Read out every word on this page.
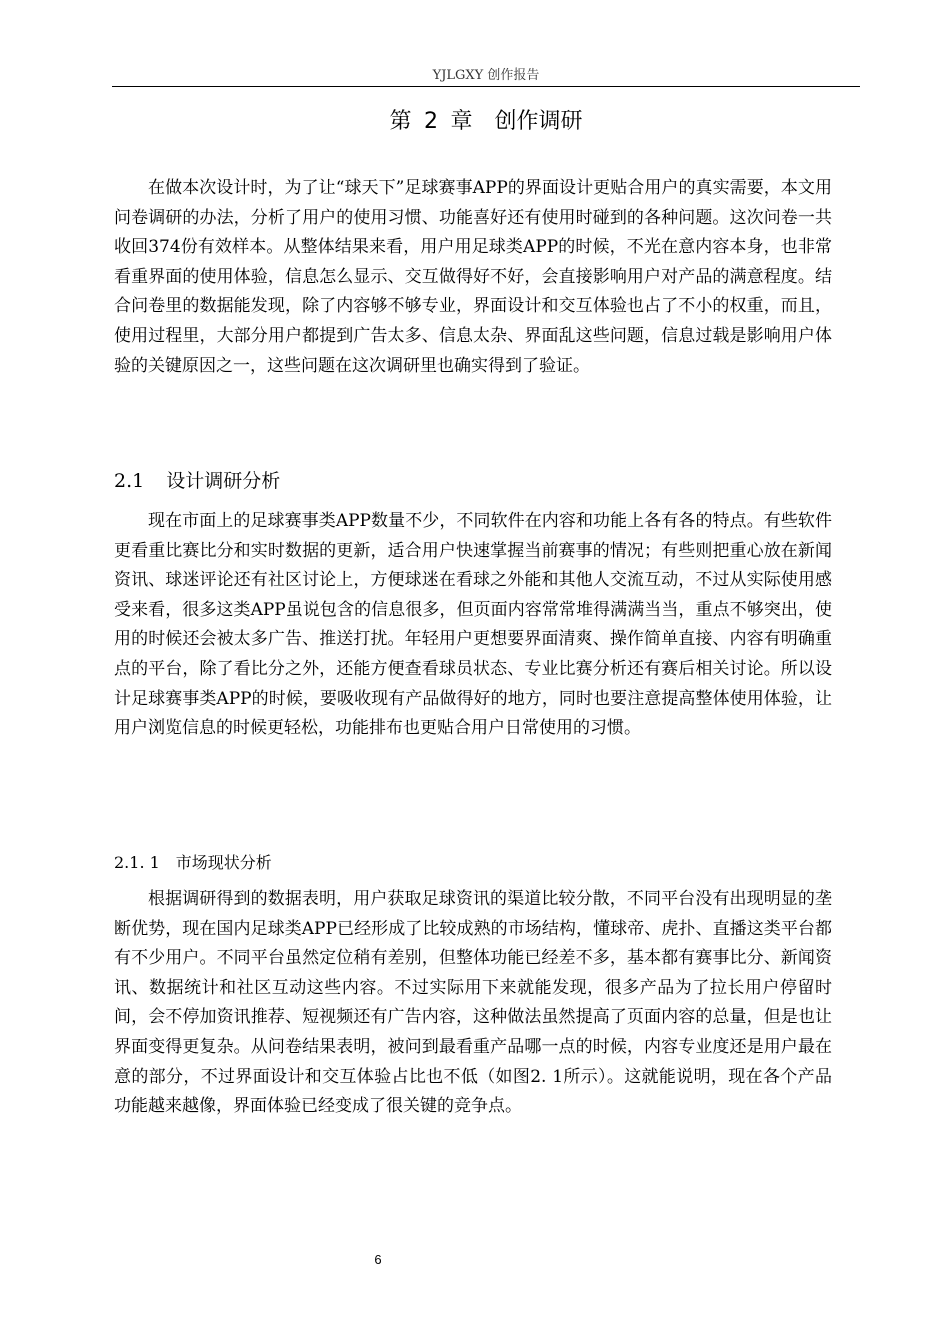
YJLGXY 创作报告
第 2 章　创作调研

在做本次设计时，为了让“球天下”足球赛事APP的界面设计更贴合用户的真实需要，本文用问卷调研的办法，分析了用户的使用习惯、功能喜好还有使用时碰到的各种问题。这次问卷一共收回374份有效样本。从整体结果来看，用户用足球类APP的时候，不光在意内容本身，也非常看重界面的使用体验，信息怎么显示、交互做得好不好，会直接影响用户对产品的满意程度。结合问卷里的数据能发现，除了内容够不够专业，界面设计和交互体验也占了不小的权重，而且，使用过程里，大部分用户都提到广告太多、信息太杂、界面乱这些问题，信息过载是影响用户体验的关键原因之一，这些问题在这次调研里也确实得到了验证。

2.1 设计调研分析

现在市面上的足球赛事类APP数量不少，不同软件在内容和功能上各有各的特点。有些软件更看重比赛比分和实时数据的更新，适合用户快速掌握当前赛事的情况；有些则把重心放在新闻资讯、球迷评论还有社区讨论上，方便球迷在看球之外能和其他人交流互动，不过从实际使用感受来看，很多这类APP虽说包含的信息很多，但页面内容常常堆得满满当当，重点不够突出，使用的时候还会被太多广告、推送打扰。年轻用户更想要界面清爽、操作简单直接、内容有明确重点的平台，除了看比分之外，还能方便查看球员状态、专业比赛分析还有赛后相关讨论。所以设计足球赛事类APP的时候，要吸收现有产品做得好的地方，同时也要注意提高整体使用体验，让用户浏览信息的时候更轻松，功能排布也更贴合用户日常使用的习惯。

2.1. 1 市场现状分析

根据调研得到的数据表明，用户获取足球资讯的渠道比较分散，不同平台没有出现明显的垄断优势，现在国内足球类APP已经形成了比较成熟的市场结构，懂球帝、虎扑、直播这类平台都有不少用户。不同平台虽然定位稍有差别，但整体功能已经差不多，基本都有赛事比分、新闻资讯、数据统计和社区互动这些内容。不过实际用下来就能发现，很多产品为了拉长用户停留时间，会不停加资讯推荐、短视频还有广告内容，这种做法虽然提高了页面内容的总量，但是也让界面变得更复杂。从问卷结果表明，被问到最看重产品哪一点的时候，内容专业度还是用户最在意的部分，不过界面设计和交互体验占比也不低（如图2. 1所示）。这就能说明，现在各个产品功能越来越像，界面体验已经变成了很关键的竞争点。

6
